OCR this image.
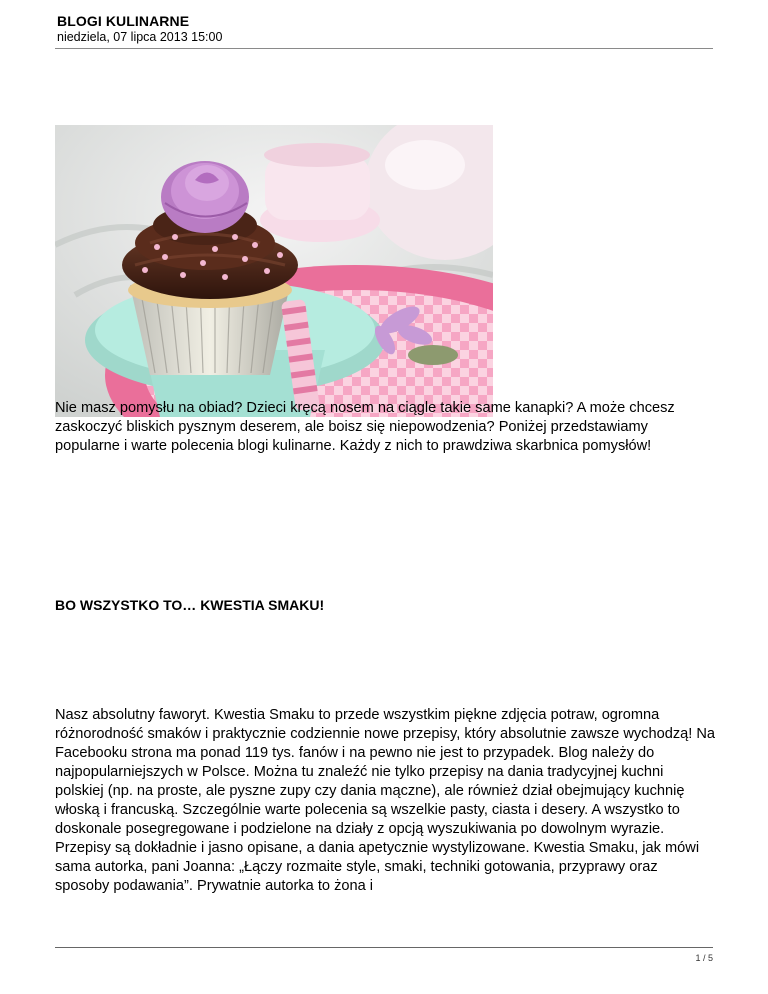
BLOGI KULINARNE
niedziela, 07 lipca 2013 15:00
Nie masz pomysłu na obiad? Dzieci kręcą nosem na ciągle takie same kanapki? A może chcesz zaskoczyć bliskich pysznym deserem, ale boisz się niepowodzenia? Poniżej przedstawiamy popularne i warte polecenia blogi kulinarne. Każdy z nich to prawdziwa skarbnica pomysłów!
BO WSZYSTKO TO… KWESTIA SMAKU!
Nasz absolutny faworyt. Kwestia Smaku to przede wszystkim piękne zdjęcia potraw, ogromna różnorodność smaków i praktycznie codziennie nowe przepisy, który absolutnie zawsze wychodzą! Na Facebooku strona ma ponad 119 tys. fanów i na pewno nie jest to przypadek. Blog należy do najpopularniejszych w Polsce. Można tu znaleźć nie tylko przepisy na dania tradycyjnej kuchni polskiej (np. na proste, ale pyszne zupy czy dania mączne), ale również dział obejmujący kuchnię włoską i francuską. Szczególnie warte polecenia są wszelkie pasty, ciasta i desery. A wszystko to doskonale posegregowane i podzielone na działy z opcją wyszukiwania po dowolnym wyrazie. Przepisy są dokładnie i jasno opisane, a dania apetycznie wystylizowane. Kwestia Smaku, jak mówi sama autorka, pani Joanna: „Łączy rozmaite style, smaki, techniki gotowania, przyprawy oraz sposoby podawania”. Prywatnie autorka to żona i
1 / 5
